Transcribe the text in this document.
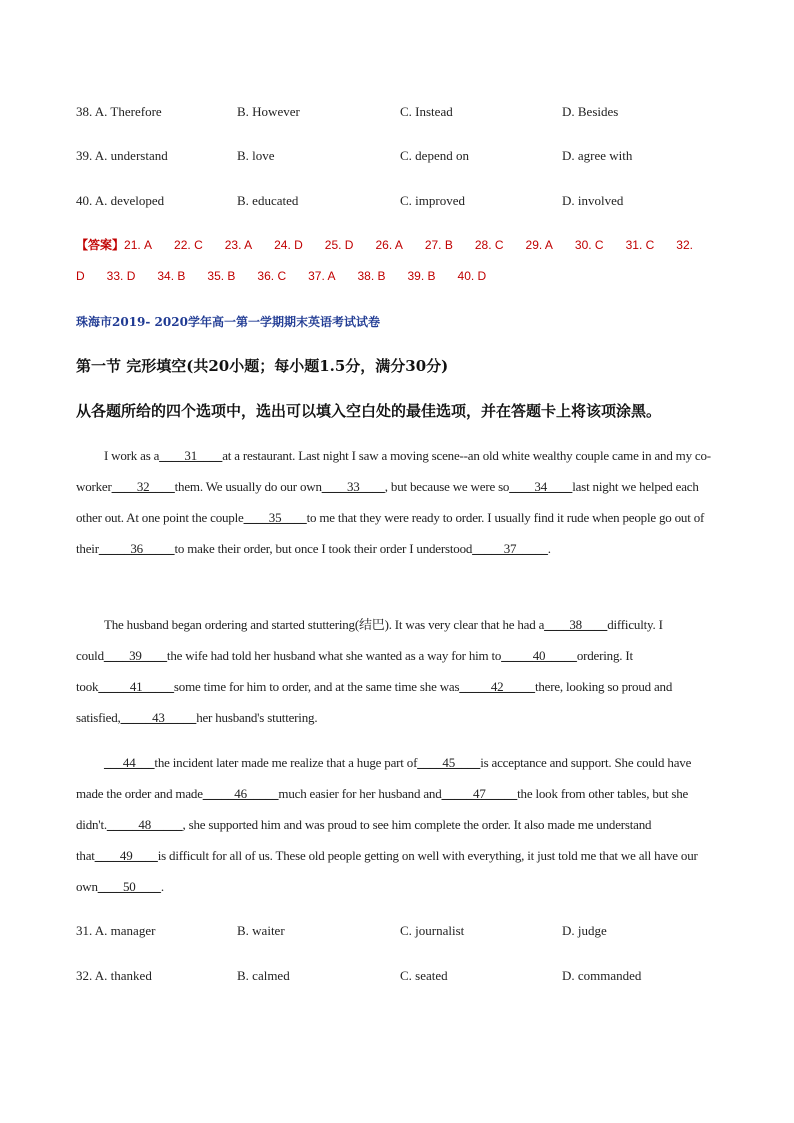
38. A. Therefore	B. However	C. Instead	D. Besides
39. A. understand	B. love	C. depend on	D. agree with
40. A. developed	B. educated	C. improved	D. involved
【答案】21. A 22. C 23. A 24. D 25. D 26. A 27. B 28. C 29. A 30. C 31. C 32. D 33. D 34. B 35. B 36. C 37. A 38. B 39. B 40. D
珠海市2019- 2020学年高一第一学期期末英语考试试卷
第一节 完形填空(共20小题；每小题1.5分，满分30分)
从各题所给的四个选项中，选出可以填入空白处的最佳选项，并在答题卡上将该项涂黑。
I work as a____31____at a restaurant. Last night I saw a moving scene--an old white wealthy couple came in and my co-worker____32____them. We usually do our own____33____, but because we were so____34____last night we helped each other out. At one point the couple____35____to me that they were ready to order. I usually find it rude when people go out of their_____36_____to make their order, but once I took their order I understood_____37_____.
The husband began ordering and started stuttering(结巴). It was very clear that he had a____38____difficulty. I could____39____the wife had told her husband what she wanted as a way for him to_____40_____ordering. It took_____41_____some time for him to order, and at the same time she was_____42_____there, looking so proud and satisfied,_____43_____her husband's stuttering.
___44___the incident later made me realize that a huge part of____45____is acceptance and support. She could have made the order and made_____46_____much easier for her husband and_____47_____the look from other tables, but she didn't._____48_____, she supported him and was proud to see him complete the order. It also made me understand that____49____is difficult for all of us. These old people getting on well with everything, it just told me that we all have our own____50____.
31. A. manager	B. waiter	C. journalist	D. judge
32. A. thanked	B. calmed	C. seated	D. commanded
